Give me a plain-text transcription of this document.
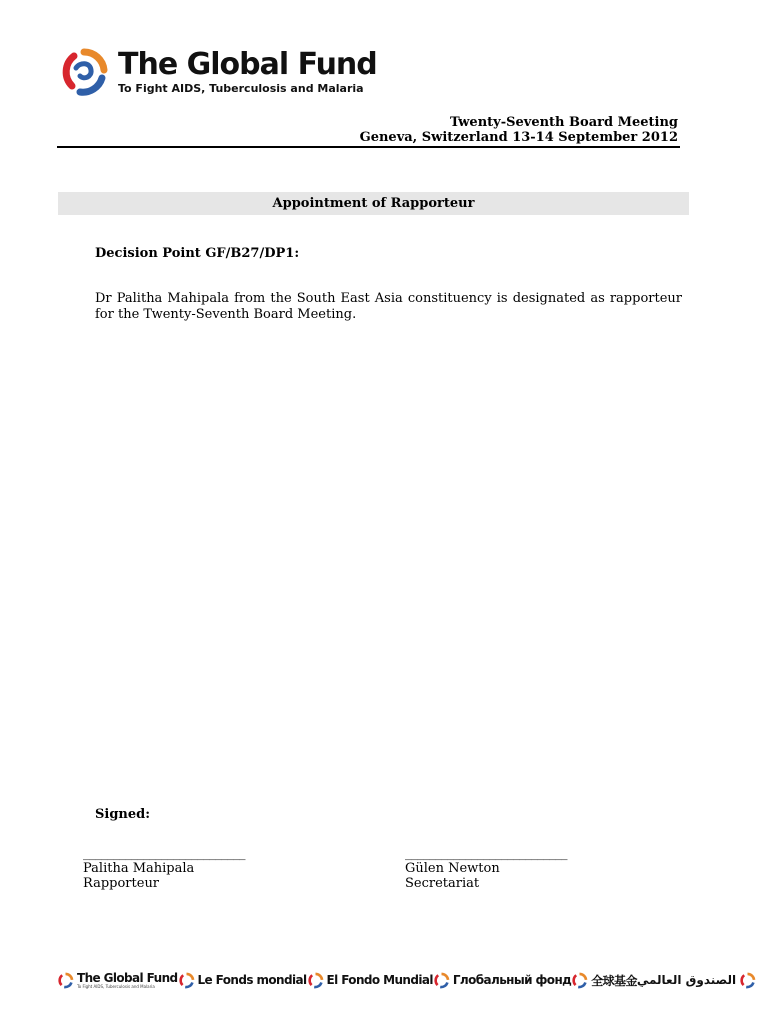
The Global Fund
To Fight AIDS, Tuberculosis and Malaria
Twenty-Seventh Board Meeting
Geneva, Switzerland 13-14 September 2012
Appointment of Rapporteur
Decision Point GF/B27/DP1:
Dr Palitha Mahipala from the South East Asia constituency is designated as rapporteur for the Twenty-Seventh Board Meeting.
Signed:
___________________________
Palitha Mahipala
Rapporteur
___________________________
Gülen Newton
Secretariat
The Global Fund
To Fight AIDS, Tuberculosis and Malaria	Le Fonds mondial El Fondo Mundial Глобальный фонд 全球基金 الصندوق العالمي
